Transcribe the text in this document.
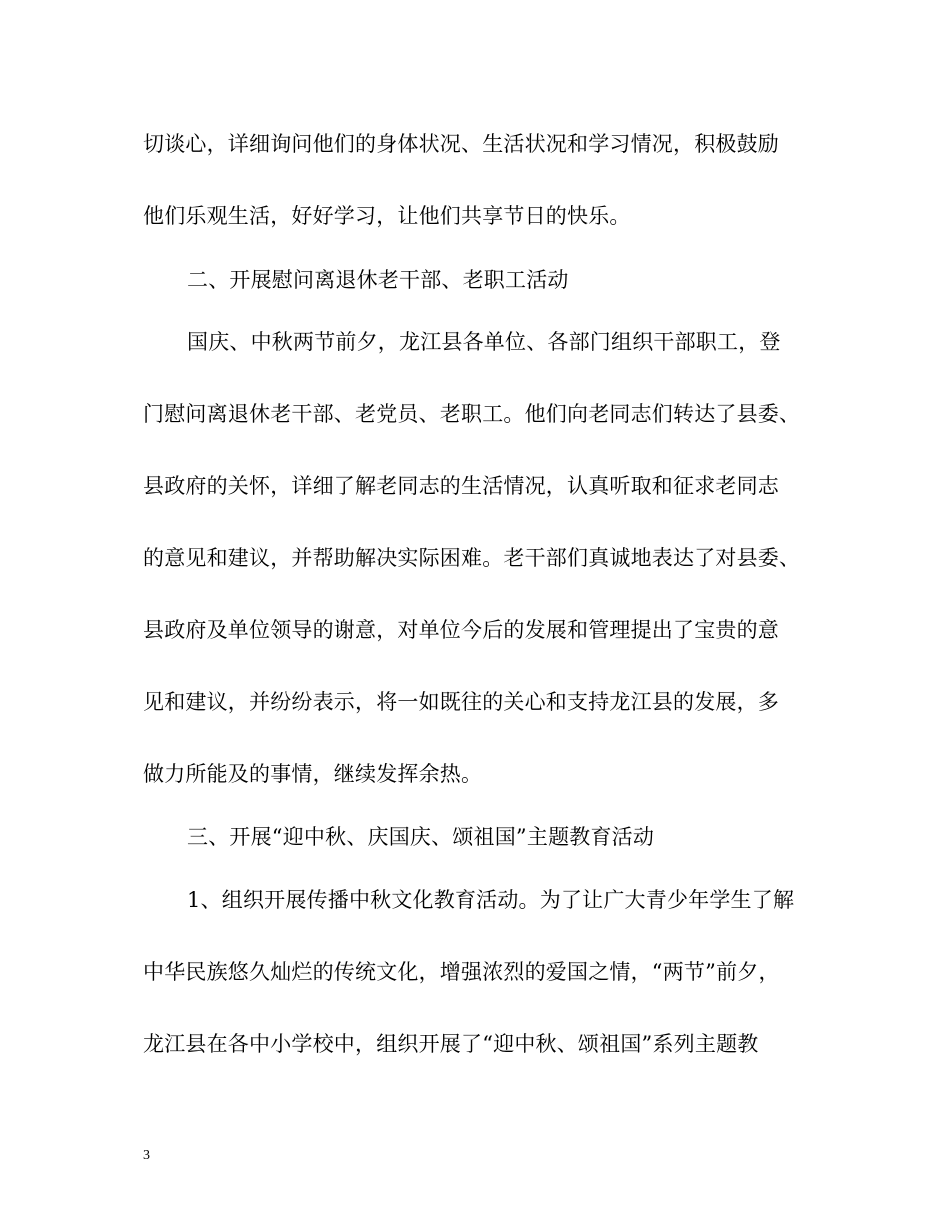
切谈心，详细询问他们的身体状况、生活状况和学习情况，积极鼓励
他们乐观生活，好好学习，让他们共享节日的快乐。
二、开展慰问离退休老干部、老职工活动
国庆、中秋两节前夕，龙江县各单位、各部门组织干部职工，登
门慰问离退休老干部、老党员、老职工。他们向老同志们转达了县委、
县政府的关怀，详细了解老同志的生活情况，认真听取和征求老同志
的意见和建议，并帮助解决实际困难。老干部们真诚地表达了对县委、
县政府及单位领导的谢意，对单位今后的发展和管理提出了宝贵的意
见和建议，并纷纷表示，将一如既往的关心和支持龙江县的发展，多
做力所能及的事情，继续发挥余热。
三、开展“迎中秋、庆国庆、颂祖国”主题教育活动
1、组织开展传播中秋文化教育活动。为了让广大青少年学生了解
中华民族悠久灿烂的传统文化，增强浓烈的爱国之情，“两节”前夕，
龙江县在各中小学校中，组织开展了“迎中秋、颂祖国”系列主题教
3
